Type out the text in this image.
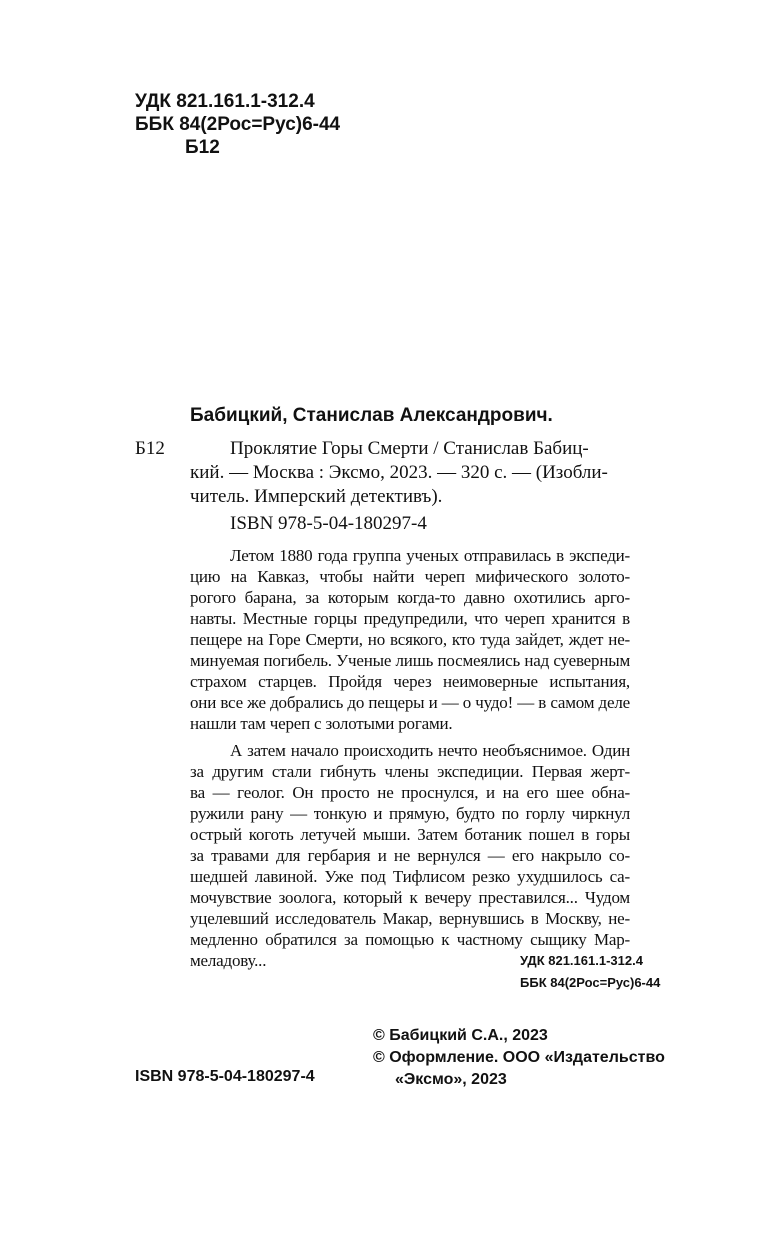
УДК 821.161.1-312.4
ББК 84(2Рос=Рус)6-44
Б12
Бабицкий, Станислав Александрович.
Б12	Проклятие Горы Смерти / Станислав Бабиц-
кий. — Москва : Эксмо, 2023. — 320 с. — (Изобли-
читель. Имперский детективъ).
ISBN 978-5-04-180297-4
Летом 1880 года группа ученых отправилась в экспеди-
цию на Кавказ, чтобы найти череп мифического золото-
рогого барана, за которым когда-то давно охотились арго-
навты. Местные горцы предупредили, что череп хранится в
пещере на Горе Смерти, но всякого, кто туда зайдет, ждет не-
минуемая погибель. Ученые лишь посмеялись над суеверным
страхом старцев. Пройдя через неимоверные испытания,
они все же добрались до пещеры и — о чудо! — в самом деле
нашли там череп с золотыми рогами.
А затем начало происходить нечто необъяснимое. Один
за другим стали гибнуть члены экспедиции. Первая жерт-
ва — геолог. Он просто не проснулся, и на его шее обна-
ружили рану — тонкую и прямую, будто по горлу чиркнул
острый коготь летучей мыши. Затем ботаник пошел в горы
за травами для гербария и не вернулся — его накрыло со-
шедшей лавиной. Уже под Тифлисом резко ухудшилось са-
мочувствие зоолога, который к вечеру преставился... Чудом
уцелевший исследователь Макар, вернувшись в Москву, не-
медленно обратился за помощью к частному сыщику Мар-
меладову...	УДК 821.161.1-312.4
ББК 84(2Рос=Рус)6-44
© Бабицкий С.А., 2023
© Оформление. ООО «Издательство
«Эксмо», 2023
ISBN 978-5-04-180297-4
